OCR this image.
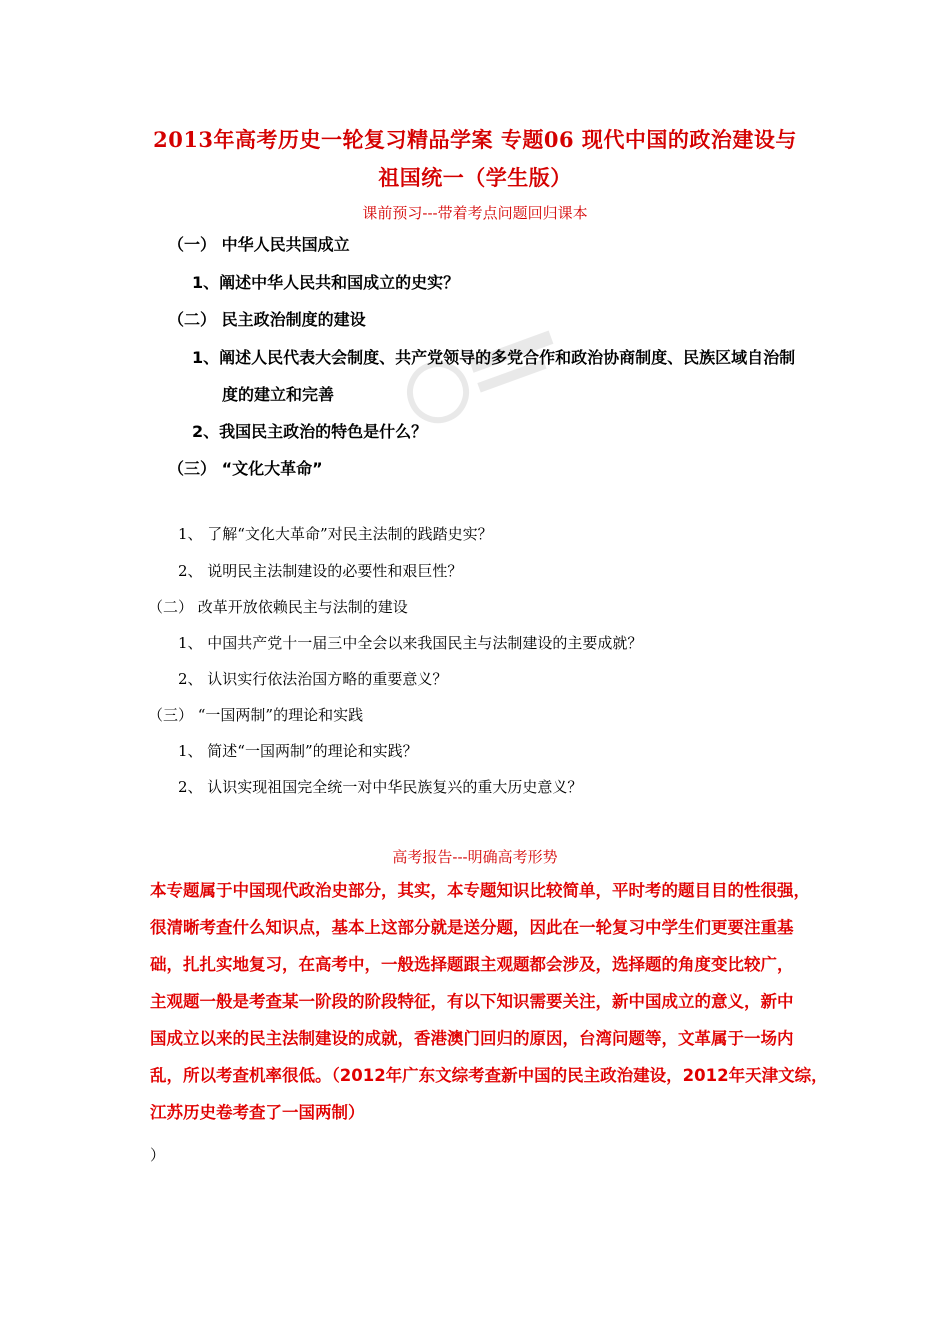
2013年高考历史一轮复习精品学案 专题06 现代中国的政治建设与
祖国统一（学生版）
课前预习---带着考点问题回归课本
（一） 中华人民共国成立
1、阐述中华人民共和国成立的史实？
（二） 民主政治制度的建设
1、阐述人民代表大会制度、共产党领导的多党合作和政治协商制度、民族区域自治制
度的建立和完善
2、我国民主政治的特色是什么？
（三） “文化大革命”
1、 了解“文化大革命”对民主法制的践踏史实？
2、 说明民主法制建设的必要性和艰巨性？
（二） 改革开放依赖民主与法制的建设
1、 中国共产党十一届三中全会以来我国民主与法制建设的主要成就？
2、 认识实行依法治国方略的重要意义？
（三） “一国两制”的理论和实践
1、 简述“一国两制”的理论和实践？
2、 认识实现祖国完全统一对中华民族复兴的重大历史意义？
高考报告---明确高考形势
本专题属于中国现代政治史部分，其实，本专题知识比较简单，平时考的题目目的性很强，
很清晰考查什么知识点，基本上这部分就是送分题，因此在一轮复习中学生们更要注重基
础，扎扎实地复习，在高考中，一般选择题跟主观题都会涉及，选择题的角度变比较广，
主观题一般是考查某一阶段的阶段特征，有以下知识需要关注，新中国成立的意义，新中
国成立以来的民主法制建设的成就，香港澳门回归的原因，台湾问题等，文革属于一场内
乱，所以考查机率很低。（2012年广东文综考查新中国的民主政治建设，2012年天津文综，
江苏历史卷考查了一国两制）
）
